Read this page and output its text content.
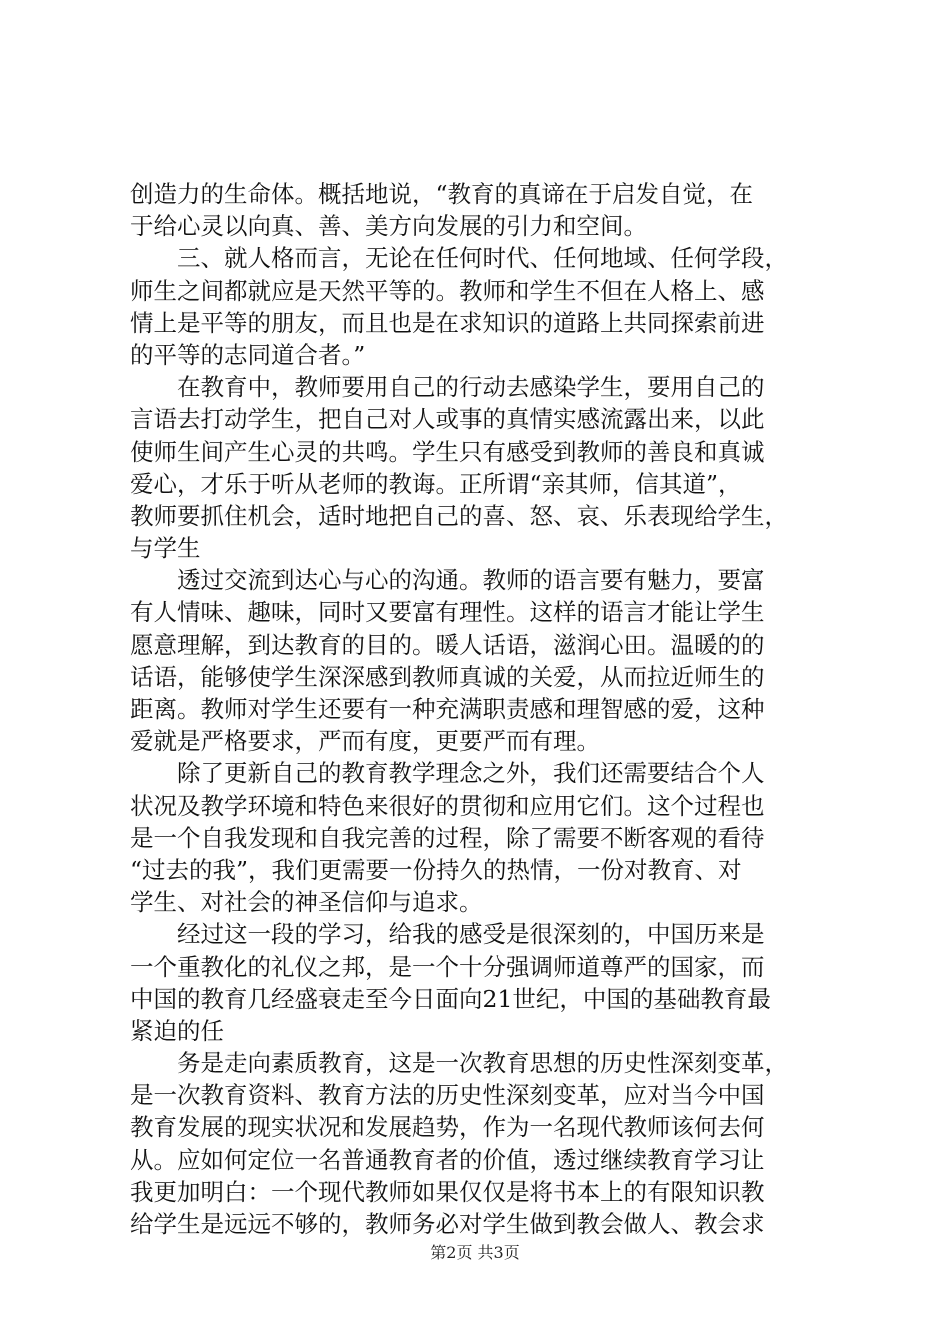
创造力的生命体。概括地说，“教育的真谛在于启发自觉，在
于给心灵以向真、善、美方向发展的引力和空间。
　　三、就人格而言，无论在任何时代、任何地域、任何学段，
师生之间都就应是天然平等的。教师和学生不但在人格上、感
情上是平等的朋友，而且也是在求知识的道路上共同探索前进
的平等的志同道合者。”
　　在教育中，教师要用自己的行动去感染学生，要用自己的
言语去打动学生，把自己对人或事的真情实感流露出来，以此
使师生间产生心灵的共鸣。学生只有感受到教师的善良和真诚
爱心，才乐于听从老师的教诲。正所谓“亲其师，信其道”，
教师要抓住机会，适时地把自己的喜、怒、哀、乐表现给学生，
与学生
　　透过交流到达心与心的沟通。教师的语言要有魅力，要富
有人情味、趣味，同时又要富有理性。这样的语言才能让学生
愿意理解，到达教育的目的。暖人话语，滋润心田。温暖的的
话语，能够使学生深深感到教师真诚的关爱，从而拉近师生的
距离。教师对学生还要有一种充满职责感和理智感的爱，这种
爱就是严格要求，严而有度，更要严而有理。
　　除了更新自己的教育教学理念之外，我们还需要结合个人
状况及教学环境和特色来很好的贯彻和应用它们。这个过程也
是一个自我发现和自我完善的过程，除了需要不断客观的看待
“过去的我”，我们更需要一份持久的热情，一份对教育、对
学生、对社会的神圣信仰与追求。
　　经过这一段的学习，给我的感受是很深刻的，中国历来是
一个重教化的礼仪之邦，是一个十分强调师道尊严的国家，而
中国的教育几经盛衰走至今日面向21世纪，中国的基础教育最
紧迫的任
　　务是走向素质教育，这是一次教育思想的历史性深刻变革，
是一次教育资料、教育方法的历史性深刻变革，应对当今中国
教育发展的现实状况和发展趋势，作为一名现代教师该何去何
从。应如何定位一名普通教育者的价值，透过继续教育学习让
我更加明白：一个现代教师如果仅仅是将书本上的有限知识教
给学生是远远不够的，教师务必对学生做到教会做人、教会求
第2页 共3页
